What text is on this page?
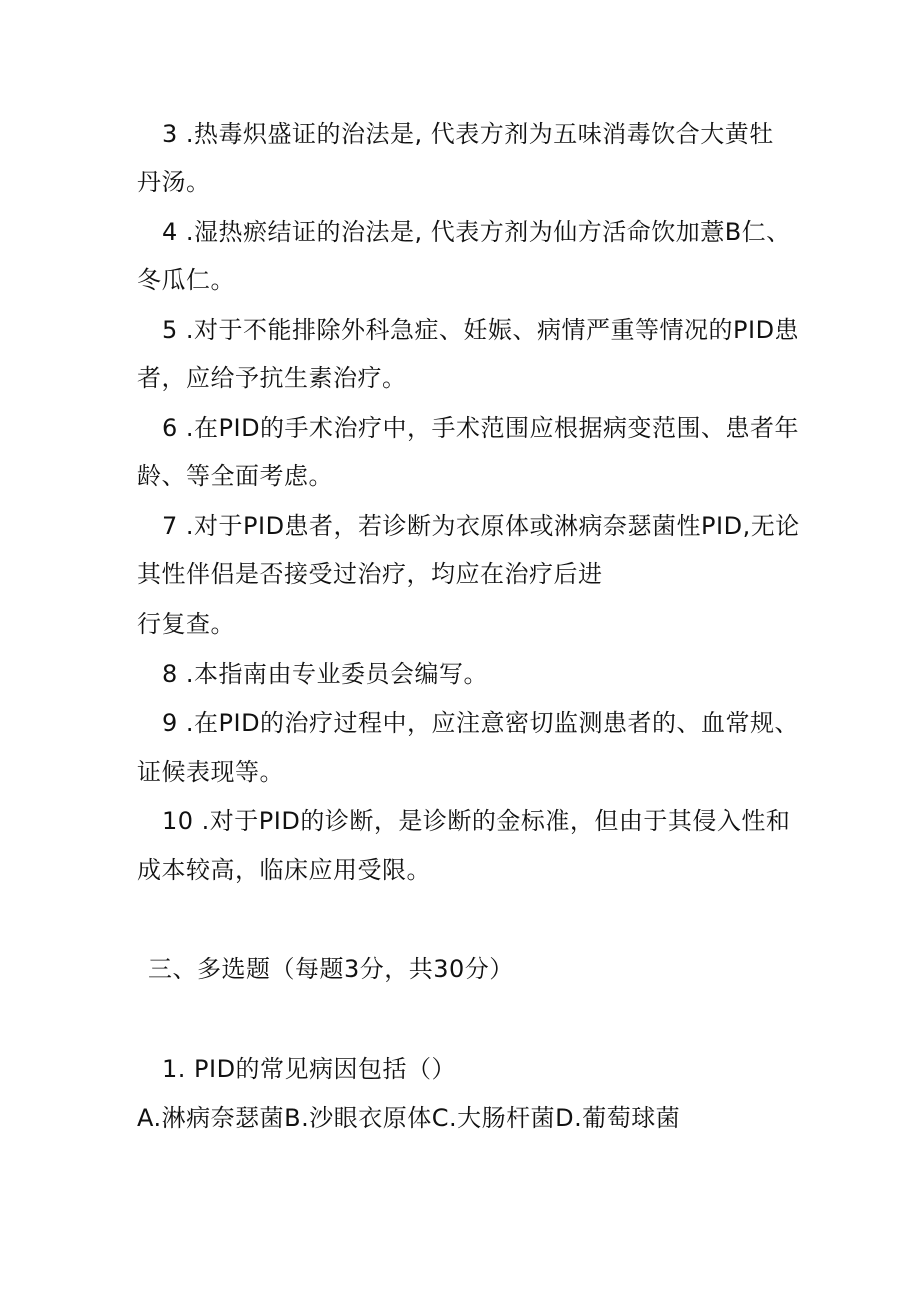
3 .热毒炽盛证的治法是, 代表方剂为五味消毒饮合大黄牡
丹汤。
4 .湿热瘀结证的治法是, 代表方剂为仙方活命饮加薏B仁、
冬瓜仁。
5 .对于不能排除外科急症、妊娠、病情严重等情况的PID患
者，应给予抗生素治疗。
6 .在PID的手术治疗中，手术范围应根据病变范围、患者年
龄、等全面考虑。
7 .对于PID患者，若诊断为衣原体或淋病奈瑟菌性PID,无论
其性伴侣是否接受过治疗，均应在治疗后进
行复查。
8 .本指南由专业委员会编写。
9 .在PID的治疗过程中，应注意密切监测患者的、血常规、
证候表现等。
10 .对于PID的诊断，是诊断的金标准，但由于其侵入性和
成本较高，临床应用受限。
三、多选题（每题3分，共30分）
1. PID的常见病因包括（）
A.淋病奈瑟菌B.沙眼衣原体C.大肠杆菌D.葡萄球菌
